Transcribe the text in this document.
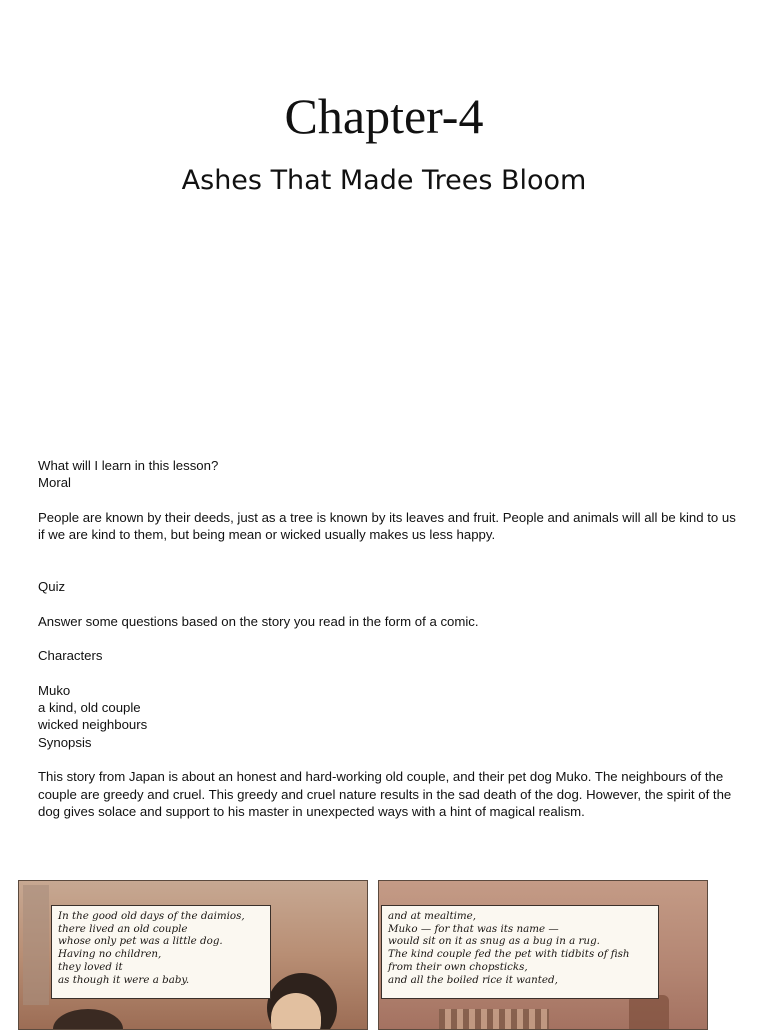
Chapter-4
Ashes That Made Trees Bloom

What will I learn in this lesson?

Moral

People are known by their deeds, just as a tree is known by its leaves and fruit. People and animals will all be kind to us

if we are kind to them, but being mean or wicked usually makes us less happy.

Quiz

Answer some questions based on the story you read in the form of a comic.

Characters

Muko

a kind, old couple

wicked neighbours

Synopsis

This story from Japan is about an honest and hard-working old couple, and their pet dog Muko. The neighbours of the

couple are greedy and cruel. This greedy and cruel nature results in the sad death of the dog. However, the spirit of the

dog gives solace and support to his master in unexpected ways with a hint of magical realism.

In the good old days of the daimios,
there lived an old couple
whose only pet was a little dog.
Having no children,
they loved it
as though it were a baby.
and at mealtime,
Muko — for that was its name —
would sit on it as snug as a bug in a rug.
The kind couple fed the pet with tidbits of fish
from their own chopsticks,
and all the boiled rice it wanted,
